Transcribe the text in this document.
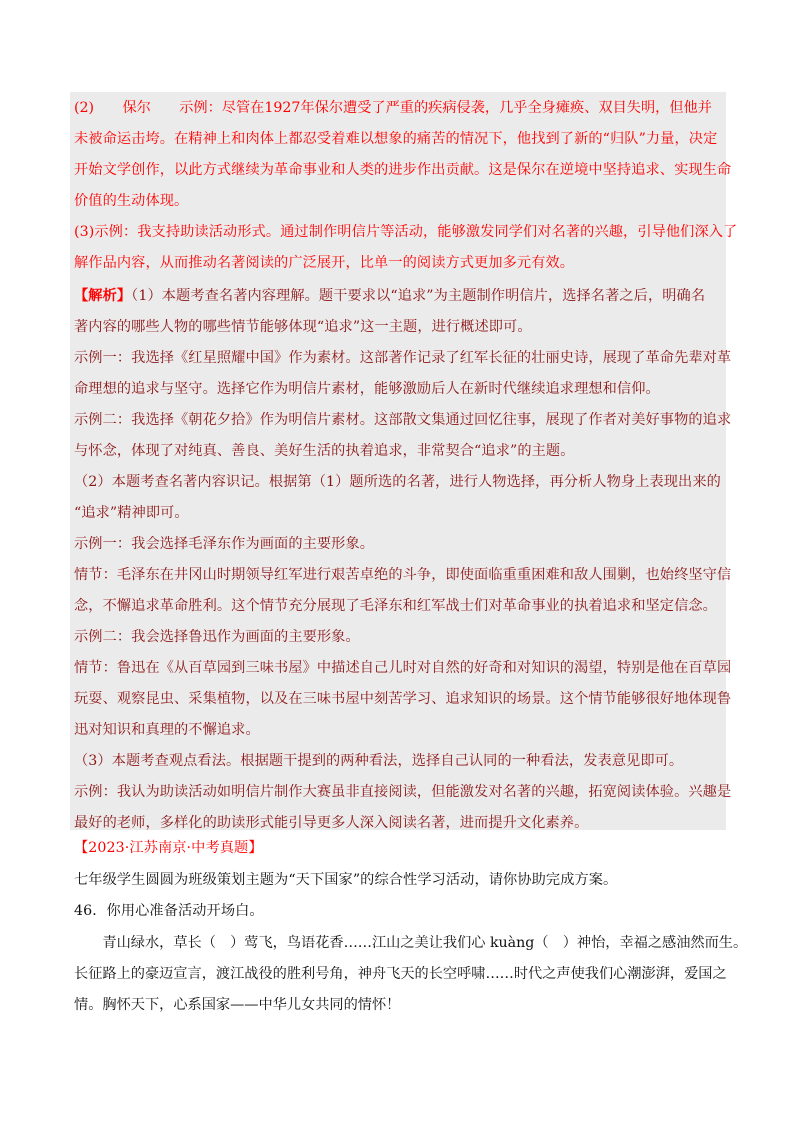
(2)　　保尔　　示例：尽管在1927年保尔遭受了严重的疾病侵袭，几乎全身瘫痪、双目失明，但他并
未被命运击垮。在精神上和肉体上都忍受着难以想象的痛苦的情况下，他找到了新的“归队”力量，决定
开始文学创作，以此方式继续为革命事业和人类的进步作出贡献。这是保尔在逆境中坚持追求、实现生命
价值的生动体现。
(3)示例：我支持助读活动形式。通过制作明信片等活动，能够激发同学们对名著的兴趣，引导他们深入了
解作品内容，从而推动名著阅读的广泛展开，比单一的阅读方式更加多元有效。
【解析】（1）本题考查名著内容理解。题干要求以“追求”为主题制作明信片，选择名著之后，明确名
著内容的哪些人物的哪些情节能够体现“追求”这一主题，进行概述即可。
示例一：我选择《红星照耀中国》作为素材。这部著作记录了红军长征的壮丽史诗，展现了革命先辈对革
命理想的追求与坚守。选择它作为明信片素材，能够激励后人在新时代继续追求理想和信仰。
示例二：我选择《朝花夕拾》作为明信片素材。这部散文集通过回忆往事，展现了作者对美好事物的追求
与怀念，体现了对纯真、善良、美好生活的执着追求，非常契合“追求”的主题。
（2）本题考查名著内容识记。根据第（1）题所选的名著，进行人物选择，再分析人物身上表现出来的
“追求”精神即可。
示例一：我会选择毛泽东作为画面的主要形象。
情节：毛泽东在井冈山时期领导红军进行艰苦卓绝的斗争，即使面临重重困难和敌人围剿，也始终坚守信
念，不懈追求革命胜利。这个情节充分展现了毛泽东和红军战士们对革命事业的执着追求和坚定信念。
示例二：我会选择鲁迅作为画面的主要形象。
情节：鲁迅在《从百草园到三味书屋》中描述自己儿时对自然的好奇和对知识的渴望，特别是他在百草园
玩耍、观察昆虫、采集植物，以及在三味书屋中刻苦学习、追求知识的场景。这个情节能够很好地体现鲁
迅对知识和真理的不懈追求。
（3）本题考查观点看法。根据题干提到的两种看法，选择自己认同的一种看法，发表意见即可。
示例：我认为助读活动如明信片制作大赛虽非直接阅读，但能激发对名著的兴趣，拓宽阅读体验。兴趣是
最好的老师，多样化的助读形式能引导更多人深入阅读名著，进而提升文化素养。
【2023·江苏南京·中考真题】
七年级学生圆圆为班级策划主题为“天下国家”的综合性学习活动，请你协助完成方案。
46．你用心准备活动开场白。
　　青山绿水，草长（　）莺飞，鸟语花香……江山之美让我们心 kuàng（　）神怡，幸福之感油然而生。
长征路上的豪迈宣言，渡江战役的胜利号角，神舟飞天的长空呼啸……时代之声使我们心潮澎湃，爱国之
情。胸怀天下，心系国家——中华儿女共同的情怀！
